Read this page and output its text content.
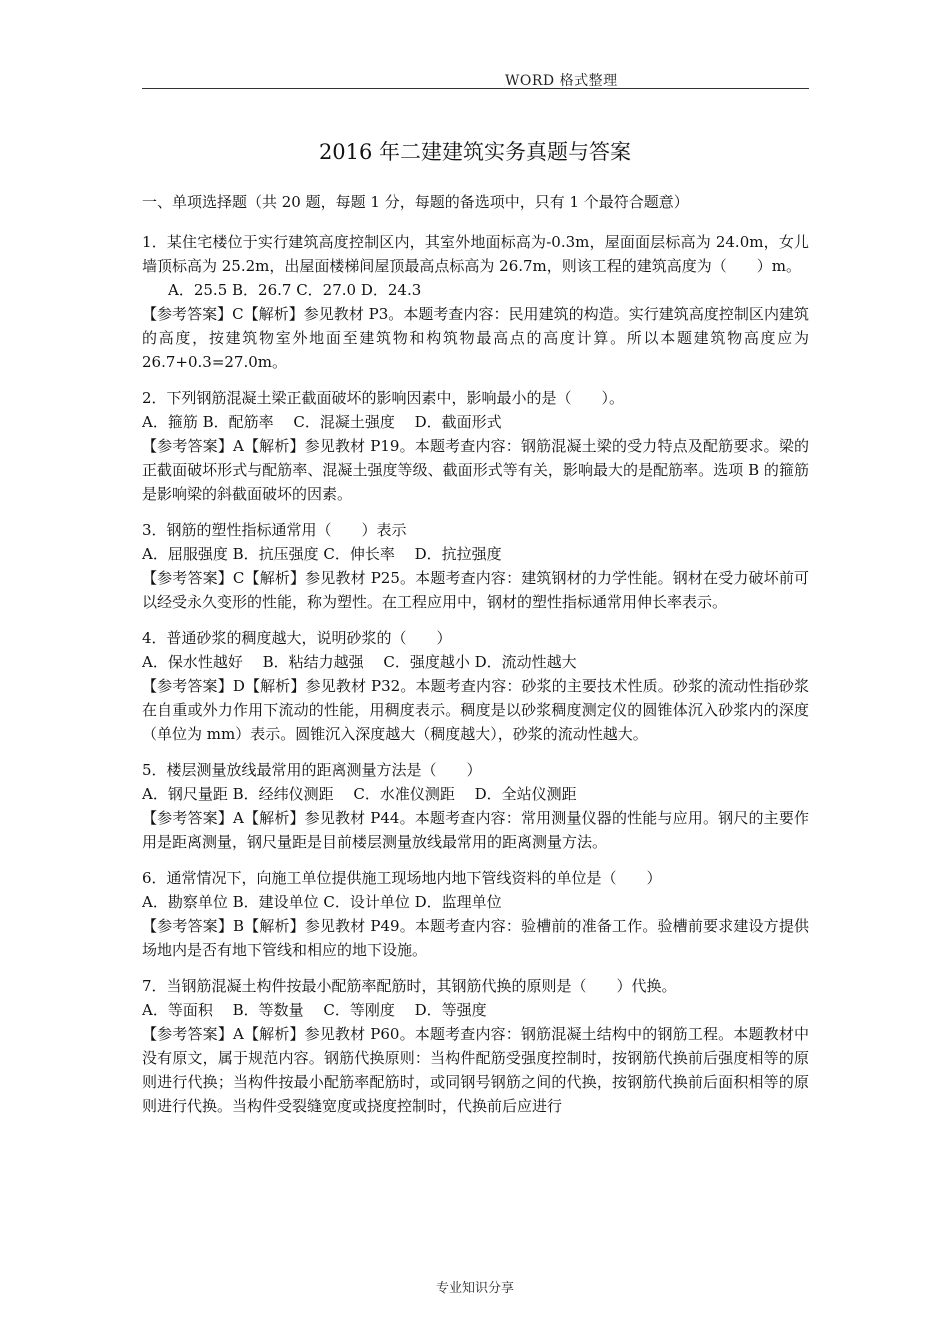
WORD 格式整理
2016 年二建建筑实务真题与答案

一、单项选择题（共 20 题，每题 1 分，每题的备选项中，只有 1 个最符合题意）

1．某住宅楼位于实行建筑高度控制区内，其室外地面标高为-0.3m，屋面面层标高为 24.0m，女儿墙顶标高为 25.2m，出屋面楼梯间屋顶最高点标高为 26.7m，则该工程的建筑高度为（　　）m。

A．25.5 B．26.7 C．27.0 D．24.3

【参考答案】C【解析】参见教材 P3。本题考查内容：民用建筑的构造。实行建筑高度控制区内建筑的高度，按建筑物室外地面至建筑物和构筑物最高点的高度计算。所以本题建筑物高度应为 26.7+0.3=27.0m。

2．下列钢筋混凝土梁正截面破坏的影响因素中，影响最小的是（　　）。

A．箍筋 B．配筋率　 C．混凝土强度　 D．截面形式

【参考答案】A【解析】参见教材 P19。本题考查内容：钢筋混凝土梁的受力特点及配筋要求。梁的正截面破坏形式与配筋率、混凝土强度等级、截面形式等有关，影响最大的是配筋率。选项 B 的箍筋是影响梁的斜截面破坏的因素。

3．钢筋的塑性指标通常用（　　）表示

A．屈服强度 B．抗压强度 C．伸长率　 D．抗拉强度

【参考答案】C【解析】参见教材 P25。本题考查内容：建筑钢材的力学性能。钢材在受力破坏前可以经受永久变形的性能，称为塑性。在工程应用中，钢材的塑性指标通常用伸长率表示。

4．普通砂浆的稠度越大，说明砂浆的（　　）

A．保水性越好　 B．粘结力越强　 C．强度越小 D．流动性越大

【参考答案】D【解析】参见教材 P32。本题考查内容：砂浆的主要技术性质。砂浆的流动性指砂浆在自重或外力作用下流动的性能，用稠度表示。稠度是以砂浆稠度测定仪的圆锥体沉入砂浆内的深度（单位为 mm）表示。圆锥沉入深度越大（稠度越大），砂浆的流动性越大。

5．楼层测量放线最常用的距离测量方法是（　　）

A．钢尺量距 B．经纬仪测距　 C．水准仪测距　 D．全站仪测距

【参考答案】A【解析】参见教材 P44。本题考查内容：常用测量仪器的性能与应用。钢尺的主要作用是距离测量，钢尺量距是目前楼层测量放线最常用的距离测量方法。

6．通常情况下，向施工单位提供施工现场地内地下管线资料的单位是（　　）

A．勘察单位 B．建设单位 C．设计单位 D．监理单位

【参考答案】B【解析】参见教材 P49。本题考查内容：验槽前的准备工作。验槽前要求建设方提供场地内是否有地下管线和相应的地下设施。

7．当钢筋混凝土构件按最小配筋率配筋时，其钢筋代换的原则是（　　）代换。

A．等面积　 B．等数量　 C．等刚度　 D．等强度

【参考答案】A【解析】参见教材 P60。本题考查内容：钢筋混凝土结构中的钢筋工程。本题教材中没有原文，属于规范内容。钢筋代换原则：当构件配筋受强度控制时，按钢筋代换前后强度相等的原则进行代换；当构件按最小配筋率配筋时，或同钢号钢筋之间的代换，按钢筋代换前后面积相等的原则进行代换。当构件受裂缝宽度或挠度控制时，代换前后应进行

专业知识分享
